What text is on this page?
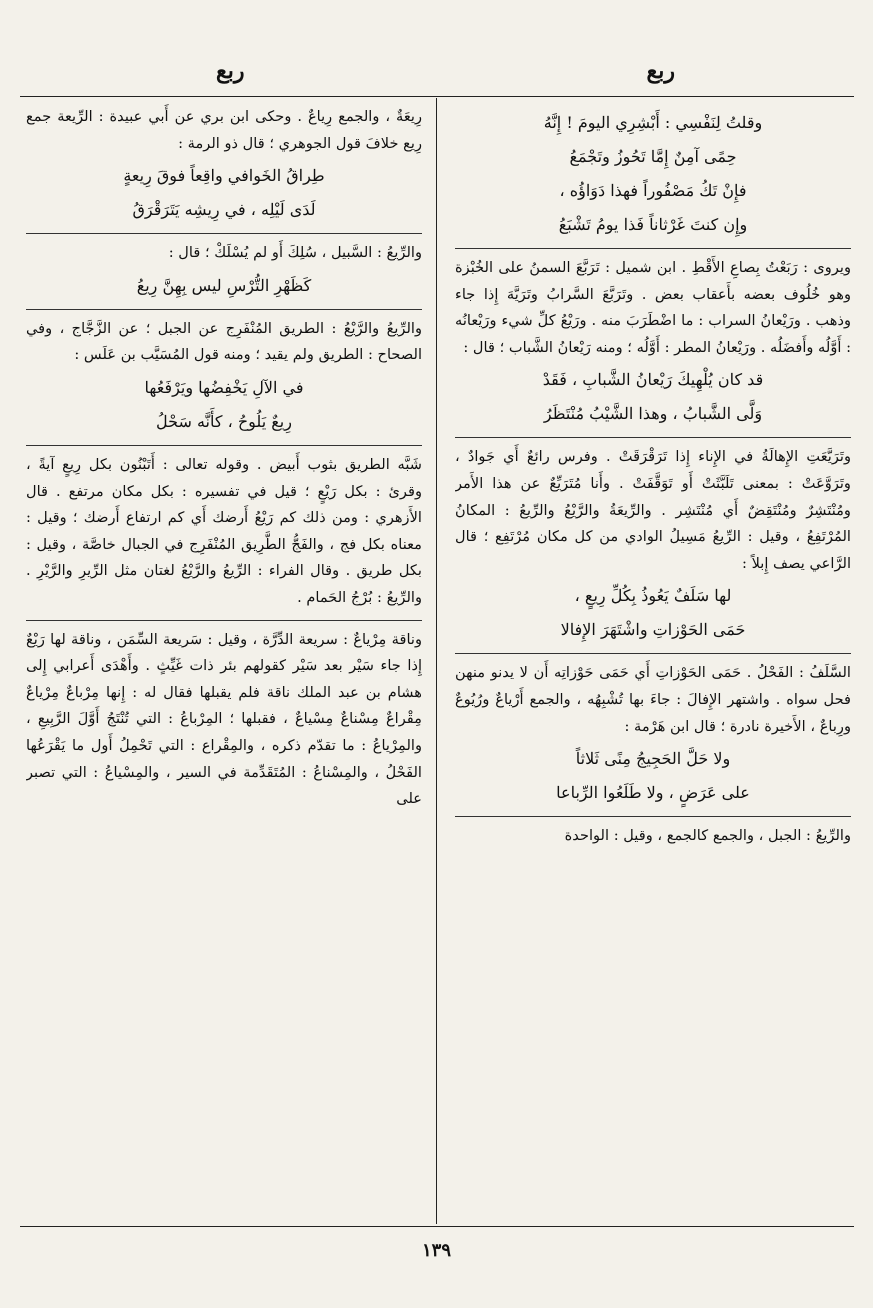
ربع
ربع
وقلتُ لِنَفْسِي : أَبْشِرِي اليومَ ! إِنَّهُ
حِمًى آمِنٌ إِمَّا تَحُوزُ وتَجْمَعُ
فإِنْ تَكُ مَصْفُوراً فهذا دَوَاؤُه ،
وإِن كنتَ غَرْثاناً فَذا يومُ تَشْبَعُ

ويروى : رَبَعْتُ بِصاعِ الأَقْطِ . ابن شميل : تَرَبَّعَ السمنُ على الخُبْزة وهو خُلُوف بعضه بأَعقاب بعض . وتَرَبَّعَ السَّرابُ وتَرَيَّهَ إِذا جاء وذهب . ورَيْعانُ السراب : ما اضْطَرَبَ منه . ورَيْعُ كلِّ شيء ورَيْعانُه : أَوَّلُه وأَفضَلُه . ورَيْعانُ المطر : أَوَّلُه ؛ ومنه رَيْعانُ الشَّباب ؛ قال :

قد كان يُلْهِيكَ رَيْعانُ الشَّبابِ ، فَقَدْ
وَلَّى الشَّبابُ ، وهذا الشَّيْبُ مُنْتَظَرُ

وتَرَيَّعَتِ الإِهالَةُ في الإِناء إِذا تَرَقْرَقَتْ . وفرس رائعٌ أَي جَوادٌ ، وتَرَوَّعَتْ : بمعنى تَلَبَّثَتْ أَو تَوَقَّفَتْ . وأَنا مُتَرَيِّعٌ عن هذا الأَمر ومُنْتَشِرٌ ومُنْتَقِضٌ أَي مُنْتَشِر . والرِّيعَةُ والرَّيْعُ والرِّيعُ : المكانُ المُرْتَفِعُ ، وقيل : الرِّيعُ مَسِيلُ الوادي من كل مكان مُرْتَفِع ؛ قال الرَّاعي يصف إِبلاً :

لها سَلَفٌ يَعُوذُ بِكُلِّ رِيعٍ ،
حَمَى الحَوْزاتِ واشْتَهَرَ الإِفالا

السَّلَفُ : الفَحْلُ . حَمَى الحَوْزاتِ أَي حَمَى حَوْزاتِه أَن لا يدنو منهن فحل سواه . واشتهر الإِفالَ : جاءَ بها تُشْبِهُه ، والجمع أَرْياعٌ ورُيُوعٌ ورِباعٌ ، الأَخيرة نادرة ؛ قال ابن هَرْمة :

ولا حَلَّ الحَجِيجُ مِنًى ثَلاثاً
على عَرَضٍ ، ولا طَلَعُوا الرِّباعا

والرِّيعُ : الجبل ، والجمع كالجمع ، وقيل : الواحدة

رِيعَةٌ ، والجمع رِياعٌ . وحكى ابن بري عن أَبي عبيدة : الرِّيعة جمع رِيع خلافَ قول الجوهري ؛ قال ذو الرمة :

طِراقُ الخَوافي واقِعاً فوقَ رِيعةٍ
لَدَى لَيْلِه ، في رِيشِه يَتَرَقْرَقُ

والرِّيعُ : السَّبيل ، سُلِكَ أَو لم يُسْلَكْ ؛ قال :

كَظَهْرِ التُّرْسِ ليس بِهِنَّ رِيعُ

والرِّيعُ والرَّيْعُ : الطريق المُنْفَرِج عن الجبل ؛ عن الزَّجَّاج ، وفي الصحاح : الطريق ولم يقيد ؛ ومنه قول المُسَيَّب بن عَلَس :

في الآلِ يَخْفِضُها ويَرْفَعُها
رِيعٌ يَلُوحُ ، كأَنَّه سَحْلُ

شَبَّه الطريق بثوب أَبيض . وقوله تعالى : أَتَبْنُون بكل رِيعٍ آيةً ، وقرئ : بكل رَيْعٍ ؛ قيل في تفسيره : بكل مكان مرتفع . قال الأَزهري : ومن ذلك كم رَيْعُ أَرضك أَي كم ارتفاع أَرضك ؛ وقيل : معناه بكل فج ، والفَجُّ الطَّرِيق المُنْفَرِج في الجبال خاصَّة ، وقيل : بكل طريق . وقال الفراء : الرِّيعُ والرَّيْعُ لغتان مثل الرِّيرِ والرَّيْرِ . والرِّيعُ : بُرْجُ الحَمام .

وناقة مِرْياعٌ : سريعة الدِّرَّة ، وقيل : سَريعة السِّمَن ، وناقة لها رَيْعٌ إِذا جاء سَيْر بعد سَيْر كقولهم بئر ذات غَيِّثٍ . وأَهْدَى أَعرابي إِلى هشام بن عبد الملك ناقة فلم يقبلها فقال له : إِنها مِرْباعٌ مِرْياعٌ مِقْراعٌ مِسْناعٌ مِسْياعٌ ، فقبلها ؛ المِرْباعُ : التي تُنْتَجُ أَوَّلَ الرَّبِيعِ ، والمِرْياعُ : ما تقدّم ذكره ، والمِقْراع : التي تَحْمِلُ أَول ما يَقْرَعُها الفَحْلُ ، والمِسْناعُ : المُتَقَدِّمة في السير ، والمِسْياعُ : التي تصبر على

١٣٩
